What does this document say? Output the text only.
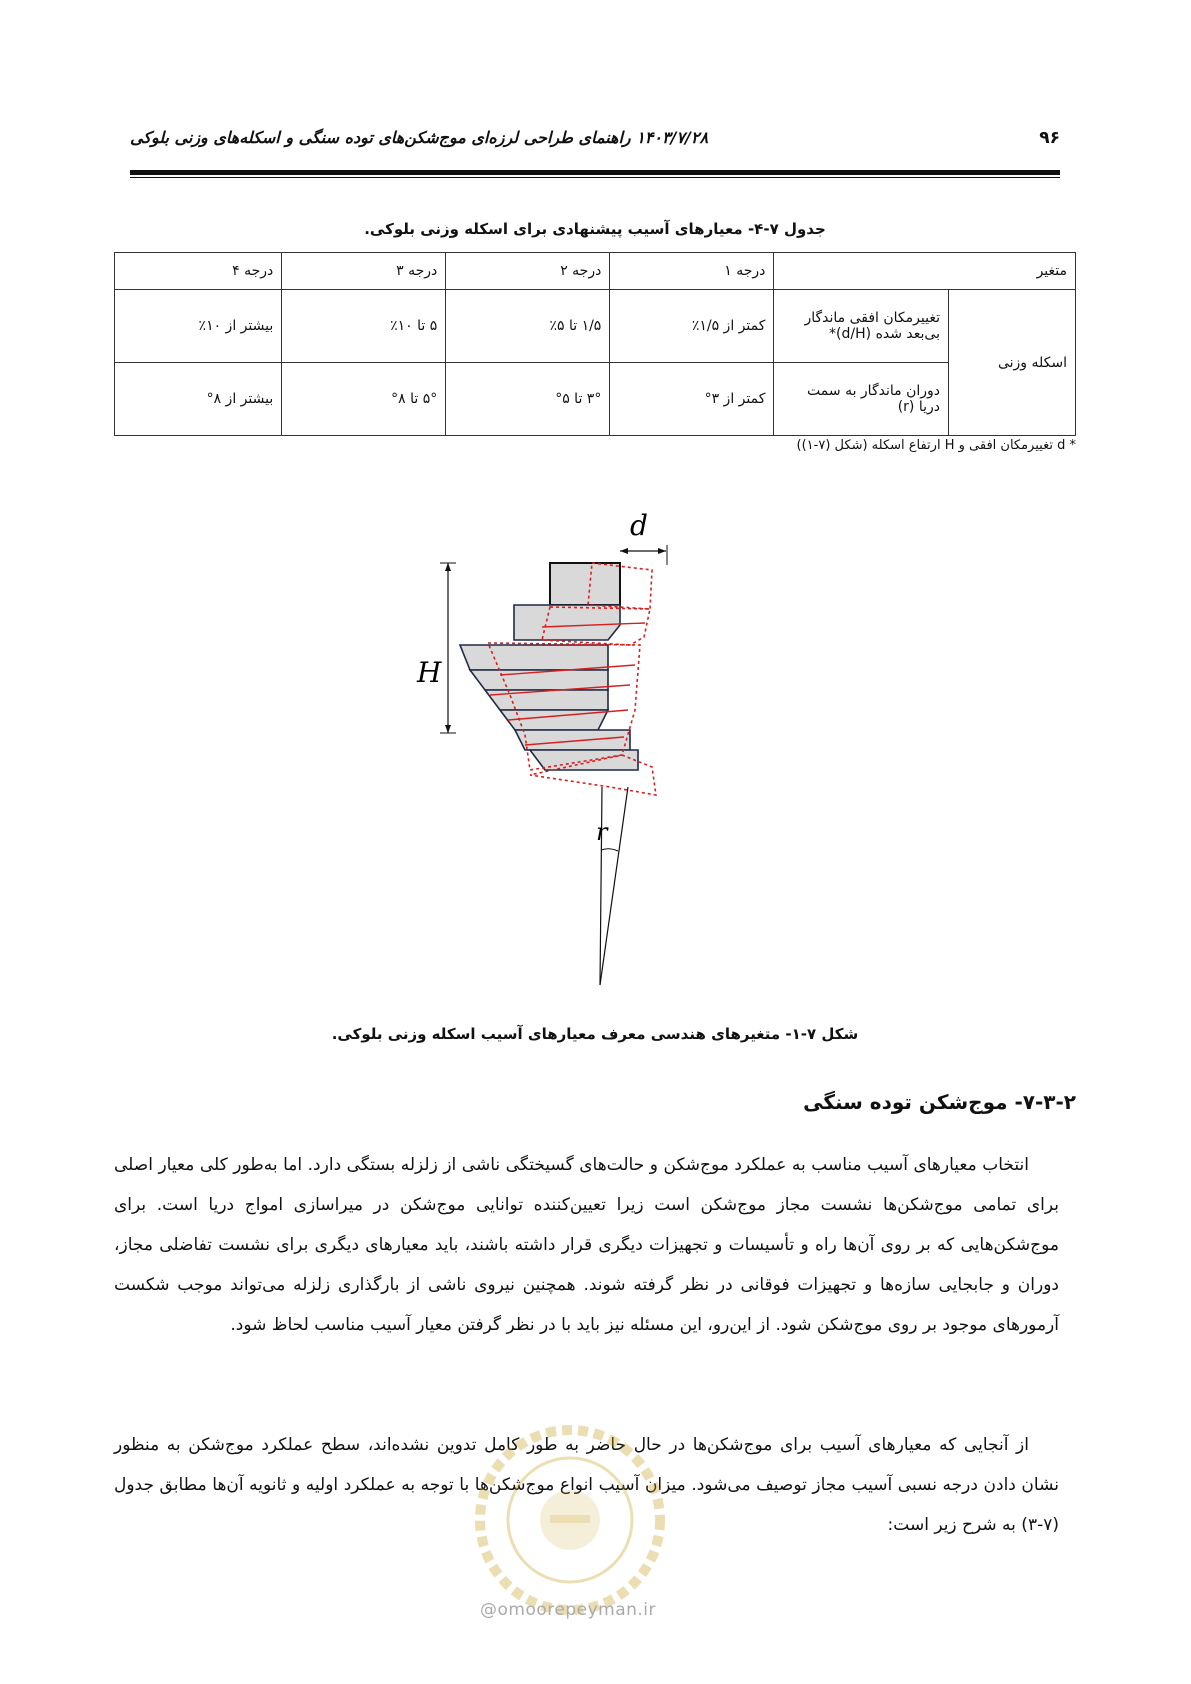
۹۶
۱۴۰۳/۷/۲۸ راهنمای طراحی لرزه‌ای موج‌شکن‌های توده سنگی و اسکله‌های وزنی بلوکی
جدول ۷-۴- معیارهای آسیب پیشنهادی برای اسکله وزنی بلوکی.
متغیر		درجه ۱	درجه ۲	درجه ۳	درجه ۴
اسکله وزنی	تغییرمکان افقی ماندگار بی‌بعد شده (d/H)*	کمتر از ۱/۵٪	۱/۵ تا ۵٪	۵ تا ۱۰٪	بیشتر از ۱۰٪
	دوران ماندگار به سمت دریا (r)	کمتر از ۳°	۳° تا ۵°	۵° تا ۸°	بیشتر از ۸°
* d تغییرمکان افقی و H ارتفاع اسکله (شکل (۷-۱))
d
H
r
شکل ۷-۱- متغیرهای هندسی معرف معیارهای آسیب اسکله وزنی بلوکی.
۷-۳-۲- موج‌شکن توده سنگی
انتخاب معیارهای آسیب مناسب به عملکرد موج‌شکن و حالت‌های گسیختگی ناشی از زلزله بستگی دارد. اما به‌طور کلی معیار اصلی برای تمامی موج‌شکن‌ها نشست مجاز موج‌شکن است زیرا تعیین‌کننده توانایی موج‌شکن در میراسازی امواج دریا است. برای موج‌شکن‌هایی که بر روی آن‌ها راه و تأسیسات و تجهیزات دیگری قرار داشته باشند، باید معیارهای دیگری برای نشست تفاضلی مجاز، دوران و جابجایی سازه‌ها و تجهیزات فوقانی در نظر گرفته شوند. همچنین نیروی ناشی از بارگذاری زلزله می‌تواند موجب شکست آرمورهای موجود بر روی موج‌شکن شود. از این‌رو، این مسئله نیز باید با در نظر گرفتن معیار آسیب مناسب لحاظ شود.
از آنجایی که معیارهای آسیب برای موج‌شکن‌ها در حال حاضر به طور کامل تدوین نشده‌اند، سطح عملکرد موج‌شکن به منظور نشان دادن درجه نسبی آسیب مجاز توصیف می‌شود. میزان آسیب انواع موج‌شکن‌ها با توجه به عملکرد اولیه و ثانویه آن‌ها مطابق جدول (۷-۳) به شرح زیر است:
@omoorepeyman.ir
